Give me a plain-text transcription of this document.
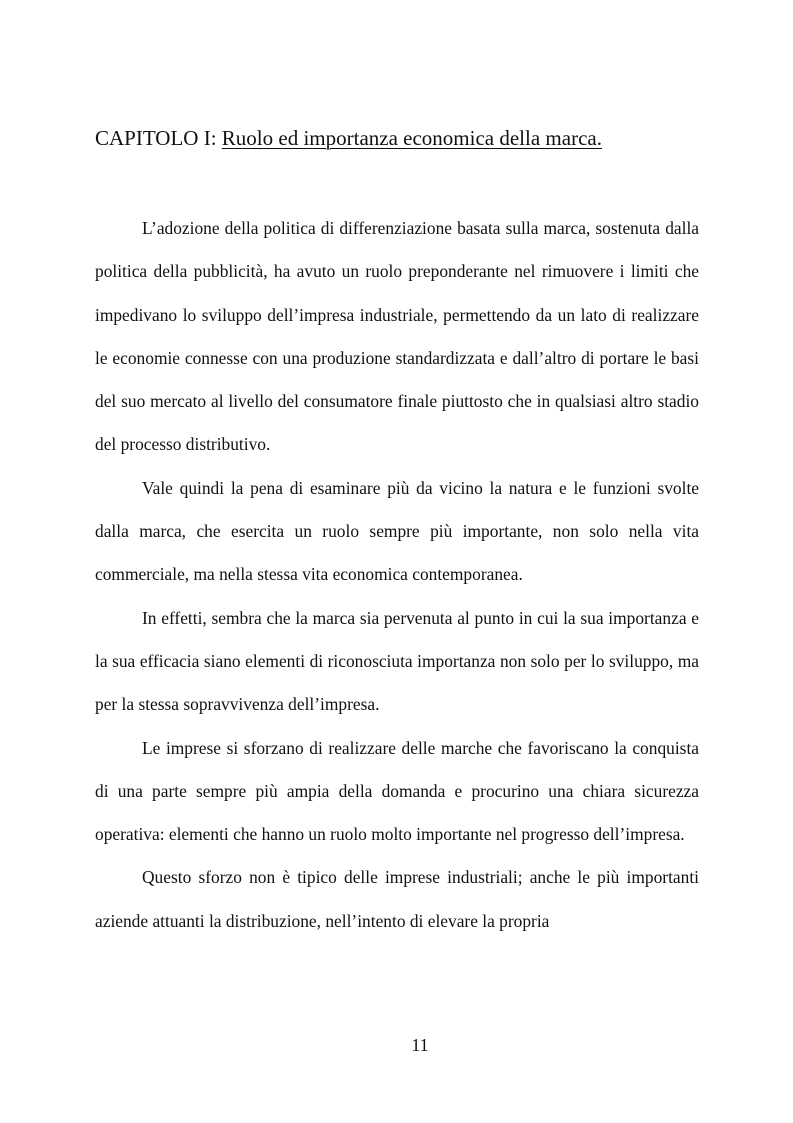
CAPITOLO I: Ruolo ed importanza economica della marca.

L’adozione della politica di differenziazione basata sulla marca, sostenuta dalla politica della pubblicità, ha avuto un ruolo preponderante nel rimuovere i limiti che impedivano lo sviluppo dell’impresa industriale, permettendo da un lato di realizzare le economie connesse con una produzione standardizzata e dall’altro di portare le basi del suo mercato al livello del consumatore finale piuttosto che in qualsiasi altro stadio del processo distributivo.

Vale quindi la pena di esaminare più da vicino la natura e le funzioni svolte dalla marca, che esercita un ruolo sempre più importante, non solo nella vita commerciale, ma nella stessa vita economica contemporanea.

In effetti, sembra che la marca sia pervenuta al punto in cui la sua importanza e la sua efficacia siano elementi di riconosciuta importanza non solo per lo sviluppo, ma per la stessa sopravvivenza dell’impresa.

Le imprese si sforzano di realizzare delle marche che favoriscano la conquista di una parte sempre più ampia della domanda e procurino una chiara sicurezza operativa: elementi che hanno un ruolo molto importante nel progresso dell’impresa.

Questo sforzo non è tipico delle imprese industriali; anche le più importanti aziende attuanti la distribuzione, nell’intento di elevare la propria

11
